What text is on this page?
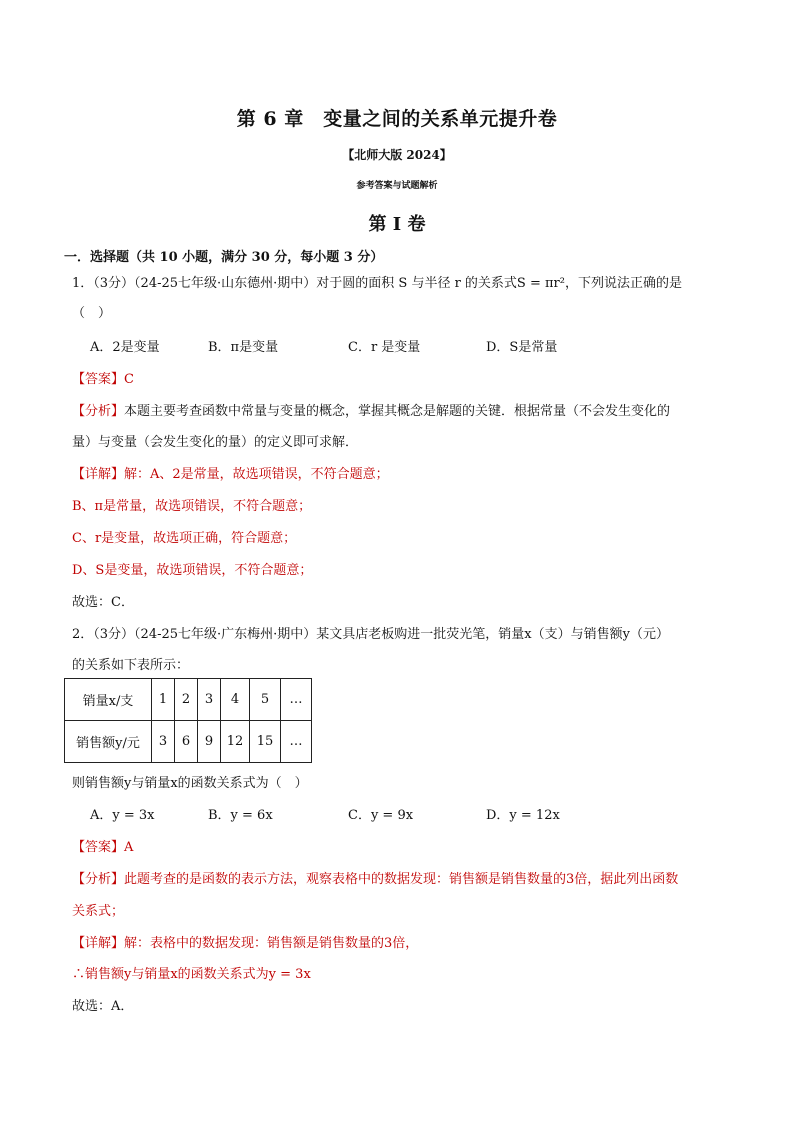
第 6 章　变量之间的关系单元提升卷
【北师大版 2024】
参考答案与试题解析
第 I 卷
一．选择题（共 10 小题，满分 30 分，每小题 3 分）
1．（3分）（24-25七年级·山东德州·期中）对于圆的面积 S 与半径 r 的关系式S = πr²，下列说法正确的是
（　）
A．2是变量	B．π是变量	C．r 是变量	D．S是常量
【答案】C
【分析】本题主要考查函数中常量与变量的概念，掌握其概念是解题的关键．根据常量（不会发生变化的
量）与变量（会发生变化的量）的定义即可求解．
【详解】解：A、2是常量，故选项错误，不符合题意；
B、π是常量，故选项错误，不符合题意；
C、r是变量，故选项正确，符合题意；
D、S是变量，故选项错误，不符合题意；
故选：C．
2．（3分）（24-25七年级·广东梅州·期中）某文具店老板购进一批荧光笔，销量x（支）与销售额y（元）
的关系如下表所示：
销量x/支	1	2	3	4	5	…
销售额y/元	3	6	9	12	15	…
则销售额y与销量x的函数关系式为（　）
A．y = 3x	B．y = 6x	C．y = 9x	D．y = 12x
【答案】A
【分析】此题考查的是函数的表示方法，观察表格中的数据发现：销售额是销售数量的3倍，据此列出函数
关系式；
【详解】解：表格中的数据发现：销售额是销售数量的3倍，
∴销售额y与销量x的函数关系式为y = 3x
故选：A．
